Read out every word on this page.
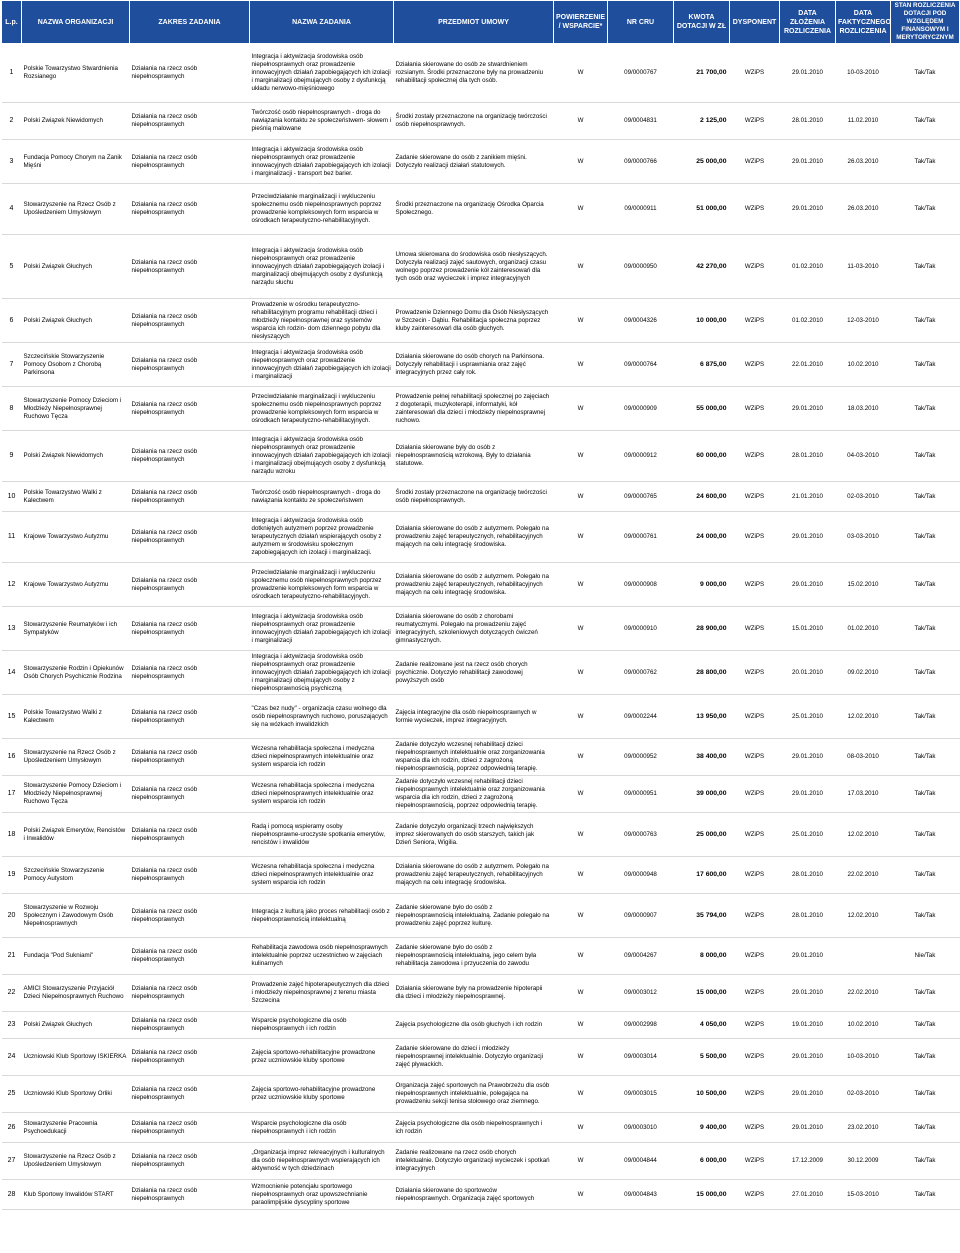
L.p.	NAZWA ORGANIZACJI	ZAKRES ZADANIA	NAZWA ZADANIA	PRZEDMIOT UMOWY	POWIERZENIE / WSPARCIE*	NR CRU	KWOTA DOTACJI W ZŁ	DYSPONENT	DATA ZŁOŻENIA ROZLICZENIA	DATA FAKTYCZNEGO ROZLICZENIA	STAN ROZLICZENIA DOTACJI POD WZGLĘDEM FINANSOWYM I MERYTORYCZNYM
1	Polskie Towarzystwo Stwardnienia Rozsianego	Działania na rzecz osób niepełnosprawnych	Integracja i aktywizacja środowiska osób niepełnosprawnych oraz prowadzenie innowacyjnych działań zapobiegających ich izolacji i marginalizacji obejmujących osoby z dysfunkcją układu nerwowo-mięśniowego	Działania skierowane do osób ze stwardnieniem rozsianym. Środki przeznaczone były na prowadzeniu rehabilitacji społecznej dla tych osób.	W	09/0000767	21 700,00	WZiPS	29.01.2010	10-03-2010	Tak/Tak
2	Polski Związek Niewidomych	Działania na rzecz osób niepełnosprawnych	Twórczość osób niepełnosprawnych - droga do nawiązania kontaktu ze społeczeństwem- słowem i pieśnią malowane	Środki zostały przeznaczone na organizację twórczości osób niepełnosprawnych.	W	09/0004831	2 125,00	WZiPS	28.01.2010	11.02.2010	Tak/Tak
3	Fundacja Pomocy Chorym na Zanik Mięśni	Działania na rzecz osób niepełnosprawnych	Integracja i aktywizacja środowiska osób niepełnosprawnych oraz prowadzenie innowacyjnych działań zapobiegających ich izolacji i marginalizacji - transport bez barier.	Zadanie skierowane do osób z zanikiem mięśni. Dotyczyło realizacji działań statutowych.	W	09/0000766	25 000,00	WZiPS	29.01.2010	26.03.2010	Tak/Tak
4	Stowarzyszenie na Rzecz Osób z Upośledzeniem Umysłowym	Działania na rzecz osób niepełnosprawnych	Przeciwdziałanie marginalizacji i wykluczeniu społecznemu osób niepełnosprawnych poprzez prowadzenie kompleksowych form wsparcia w ośrodkach terapeutyczno-rehabilitacyjnych.	Środki przeznaczone na organizację Ośrodka Oparcia Społecznego.	W	09/0000911	51 000,00	WZiPS	29.01.2010	26.03.2010	Tak/Tak
5	Polski Związek Głuchych	Działania na rzecz osób niepełnosprawnych	Integracja i aktywizacja środowiska osób niepełnosprawnych oraz prowadzenie innowacyjnych działań zapobiegających izolacji i marginalizacji obejmujących osoby z dysfunkcją narządu słuchu	Umowa skierowana do środowiska osób niesłyszących. Dotyczyła realizacji zajęć sautowych, organizacji czasu wolnego poprzez prowadzenie kół zainteresowań dla tych osób oraz wycieczek i imprez integracyjnych	W	09/0000950	42 270,00	WZiPS	01.02.2010	11-03-2010	Tak/Tak
6	Polski Związek Głuchych	Działania na rzecz osób niepełnosprawnych	Prowadzenie w ośrodku terapeutyczno-rehabilitacyjnym programu rehabilitacji dzieci i młodzieży niepełnosprawnej oraz systemów wsparcia ich rodzin- dom dziennego pobytu dla niesłyszących	Prowadzenie Dziennego Domu dla Osób Niesłyszących w Szczecin - Dąbiu. Rehabilitacja społeczna poprzez kluby zainteresowań dla osób głuchych.	W	09/0004326	10 000,00	WZiPS	01.02.2010	12-03-2010	Tak/Tak
7	Szczecińskie Stowarzyszenie Pomocy Osobom z Chorobą Parkinsona	Działania na rzecz osób niepełnosprawnych	Integracja i aktywizacja środowiska osób niepełnosprawnych oraz prowadzenie innowacyjnych działań zapobiegających ich izolacji i marginalizacji	Działania skierowane do osób chorych na Parkinsona. Dotyczyły rehabilitacji i usprawniania oraz zajęć integracyjnych przez cały rok.	W	09/0000764	6 875,00	WZiPS	22.01.2010	10.02.2010	Tak/Tak
8	Stowarzyszenie Pomocy Dzieciom i Młodzieży Niepełnosprawnej Ruchowo Tęcza	Działania na rzecz osób niepełnosprawnych	Przeciwdziałanie marginalizacji i wykluczeniu społecznemu osób niepełnosprawnych poprzez prowadzenie kompleksowych form wsparcia w ośrodkach terapeutyczno-rehabilitacyjnych.	Prowadzenie pełnej rehabilitacji społecznej po zajęciach z dogoterapii, muzykoterapii, informatyki, kół zainteresowań dla dzieci i młodzieży niepełnosprawnej ruchowo.	W	09/0000909	55 000,00	WZiPS	29.01.2010	18.03.2010	Tak/Tak
9	Polski Związek Niewidomych	Działania na rzecz osób niepełnosprawnych	Integracja i aktywizacja środowiska osób niepełnosprawnych oraz prowadzenie innowacyjnych działań zapobiegających ich izolacji i marginalizacji obejmujących osoby z dysfunkcją narządu wzroku	Działania skierowane były do osób z niepełnosprawnością wzrokową. Były to działania statutowe.	W	09/0000912	60 000,00	WZiPS	28.01.2010	04-03-2010	Tak/Tak
10	Polskie Towarzystwo Walki z Kalectwem	Działania na rzecz osób niepełnosprawnych	Twórczość osób niepełnosprawnych - droga do nawiązania kontaktu ze społeczeństwem	Środki zostały przeznaczone na organizację twórczości osób niepełnosprawnych.	W	09/0000765	24 600,00	WZiPS	21.01.2010	02-03-2010	Tak/Tak
11	Krajowe Towarzystwo Autyzmu	Działania na rzecz osób niepełnosprawnych	Integracja i aktywizacja środowiska osób dotkniętych autyzmem poprzez prowadzenie terapeutycznych działań wspierających osoby z autyzmem w środowisku społecznym zapobiegających ich izolacji i marginalizacji.	Działania skierowane do osób z autyzmem. Polegało na prowadzeniu zajęć terapeutycznych, rehabilitacyjnych mających na celu integrację środowiska.	W	09/0000761	24 000,00	WZiPS	29.01.2010	03-03-2010	Tak/Tak
12	Krajowe Towarzystwo Autyzmu	Działania na rzecz osób niepełnosprawnych	Przeciwdziałanie marginalizacji i wykluczeniu społecznemu osób niepełnosprawnych poprzez prowadzenie kompleksowych form wsparcia w ośrodkach terapeutyczno-rehabilitacyjnych.	Działania skierowane do osób z autyzmem. Polegało na prowadzeniu zajęć terapeutycznych, rehabilitacyjnych mających na celu integrację środowiska.	W	09/0000908	9 000,00	WZiPS	29.01.2010	15.02.2010	Tak/Tak
13	Stowarzyszenie Reumatyków i ich Sympatyków	Działania na rzecz osób niepełnosprawnych	Integracja i aktywizacja środowiska osób niepełnosprawnych oraz prowadzenie innowacyjnych działań zapobiegających ich izolacji i marginalizacji	Działania skierowane do osób z chorobami reumatycznymi. Polegało na prowadzeniu zajęć integracyjnych, szkoleniowych dotyczących ćwiczeń gimnastycznych.	W	09/0000910	28 900,00	WZiPS	15.01.2010	01.02.2010	Tak/Tak
14	Stowarzyszenie Rodzin i Opiekunów Osób Chorych Psychicznie Rodzina	Działania na rzecz osób niepełnosprawnych	Integracja i aktywizacja środowiska osób niepełnosprawnych oraz prowadzenie innowacyjnych działań zapobiegających ich izolacji i marginalizacji obejmujących osoby z niepełnosprawnością psychiczną	Zadanie realizowane jest na rzecz osób chorych psychicznie. Dotyczyło rehabilitacji zawodowej powyższych osób	W	09/0000762	28 800,00	WZiPS	20.01.2010	09.02.2010	Tak/Tak
15	Polskie Towarzystwo Walki z Kalectwem	Działania na rzecz osób niepełnosprawnych	"Czas bez nudy" - organizacja czasu wolnego dla osób niepełnosprawnych ruchowo, poruszających się na wózkach inwalidzkich	Zajęcia integracyjne dla osób niepełnosprawnych w formie wycieczek, imprez integracyjnych.	W	09/0002244	13 950,00	WZiPS	25.01.2010	12.02.2010	Tak/Tak
16	Stowarzyszenie na Rzecz Osób z Upośledzeniem Umysłowym	Działania na rzecz osób niepełnosprawnych	Wczesna rehabilitacja społeczna i medyczna dzieci niepełnosprawnych intelektualnie oraz system wsparcia ich rodzin	Zadanie dotyczyło wczesnej rehabilitacji dzieci niepełnosprawnych intelektualnie oraz zorganizowania wsparcia dla ich rodzin, dzieci z zagrożoną niepełnosprawnością, poprzez odpowiednią terapię.	W	09/0000952	38 400,00	WZiPS	29.01.2010	08-03-2010	Tak/Tak
17	Stowarzyszenie Pomocy Dzieciom i Młodzieży Niepełnosprawnej Ruchowo Tęcza	Działania na rzecz osób niepełnosprawnych	Wczesna rehabilitacja społeczna i medyczna dzieci niepełnosprawnych intelektualnie oraz system wsparcia ich rodzin	Zadanie dotyczyło wczesnej rehabilitacji dzieci niepełnosprawnych intelektualnie oraz zorganizowania wsparcia dla ich rodzin, dzieci z zagrożoną niepełnosprawnością, poprzez odpowiednią terapię.	W	09/0000951	39 000,00	WZiPS	29.01.2010	17.03.2010	Tak/Tak
18	Polski Związek Emerytów, Rencistów i Inwalidów	Działania na rzecz osób niepełnosprawnych	Radą i pomocą wspieramy osoby niepełnosprawne-uroczyste spotkania emerytów, rencistów i inwalidów	Zadanie dotyczyło organizacji trzech największych imprez skierowanych do osób starszych, takich jak Dzień Seniora, Wigilia.	W	09/0000763	25 000,00	WZiPS	25.01.2010	12.02.2010	Tak/Tak
19	Szczecińskie Stowarzyszenie Pomocy Autystom	Działania na rzecz osób niepełnosprawnych	Wczesna rehabilitacja społeczna i medyczna dzieci niepełnosprawnych intelektualnie oraz system wsparcia ich rodzin	Działania skierowane do osób z autyzmem. Polegało na prowadzeniu zajęć terapeutycznych, rehabilitacyjnych mających na celu integrację środowiska.	W	09/0000948	17 600,00	WZiPS	28.01.2010	22.02.2010	Tak/Tak
20	Stowarzyszenie w Rozwoju Społecznym i Zawodowym Osób Niepełnosprawnych	Działania na rzecz osób niepełnosprawnych	Integracja z kulturą jako proces rehabilitacji osób z niepełnosprawnością intelektualną	Zadanie skierowane było do osób z niepełnosprawnością intelektualną. Zadanie polegało na prowadzeniu zajęć poprzez kulturę.	W	09/0000907	35 794,00	WZiPS	28.01.2010	12.02.2010	Tak/Tak
21	Fundacja "Pod Sukniami"	Działania na rzecz osób niepełnosprawnych	Rehabilitacja zawodowa osób niepełnosprawnych intelektualnie poprzez uczestnictwo w zajęciach kulinarnych	Zadanie skierowane było do osób z niepełnosprawnością intelektualną, jego celem była rehabilitacja zawodowa i przyuczenia do zawodu	W	09/0004267	8 000,00	WZiPS	29.01.2010		Nie/Tak
22	AMICI Stowarzyszenie Przyjaciół Dzieci Niepełnosprawnych Ruchowo	Działania na rzecz osób niepełnosprawnych	Prowadzenie zajęć hipoterapeutycznych dla dzieci i młodzieży niepełnosprawnej z terenu miasta Szczecina	Działania skierowane były na prowadzenie hipoterapii dla dzieci i młodzieży niepełnosprawnej.	W	09/0003012	15 000,00	WZiPS	29.01.2010	22.02.2010	Tak/Tak
23	Polski Związek Głuchych	Działania na rzecz osób niepełnosprawnych	Wsparcie psychologiczne dla osób niepełnosprawnych i ich rodzin	Zajęcia psychologiczne dla osób głuchych i ich rodzin	W	09/0002998	4 050,00	WZiPS	19.01.2010	10.02.2010	Tak/Tak
24	Uczniowski Klub Sportowy ISKIERKA	Działania na rzecz osób niepełnosprawnych	Zajęcia sportowo-rehabilitacyjne prowadzone przez uczniowskie kluby sportowe	Zadanie skierowane do dzieci i młodzieży niepełnosprawnej intelektualnie. Dotyczyło organizacji zajęć pływackich.	W	09/0003014	5 500,00	WZiPS	29.01.2010	10-03-2010	Tak/Tak
25	Uczniowski Klub Sportowy Orliki	Działania na rzecz osób niepełnosprawnych	Zajęcia sportowo-rehabilitacyjne prowadzone przez uczniowskie kluby sportowe	Organizacja zajęć sportowych na Prawobrzeżu dla osób niepełnosprawnych intelektualnie, polegająca na prowadzeniu sekcji tenisa stołowego oraz ziemnego.	W	09/0003015	10 500,00	WZiPS	29.01.2010	02-03-2010	Tak/Tak
26	Stowarzyszenie Pracownia Psychoedukacji	Działania na rzecz osób niepełnosprawnych	Wsparcie psychologiczne dla osób niepełnosprawnych i ich rodzin	Zajęcia psychologiczne dla osób niepełnosprawnych i ich rodzin	W	09/0003010	9 400,00	WZiPS	29.01.2010	23.02.2010	Tak/Tak
27	Stowarzyszenie na Rzecz Osób z Upośledzeniem Umysłowym	Działania na rzecz osób niepełnosprawnych	„Organizacja imprez rekreacyjnych i kulturalnych dla osób niepełnosprawnych wspierających ich aktywność w tych dziedzinach	Zadanie realizowane na rzecz osób chorych intelektualnie. Dotyczyło organizacji wycieczek i spotkań integracyjnych	W	09/0004844	6 000,00	WZiPS	17.12.2009	30.12.2009	Tak/Tak
28	Klub Sportowy Inwalidów START	Działania na rzecz osób niepełnosprawnych	Wzmocnienie potencjału sportowego niepełnosprawnych oraz upowszechnianie paraolimpijskie dyscypliny sportowe	Działania skierowane do sportowców niepełnosprawnych. Organizacja zajęć sportowych	W	09/0004843	15 000,00	WZiPS	27.01.2010	15-03-2010	Tak/Tak
